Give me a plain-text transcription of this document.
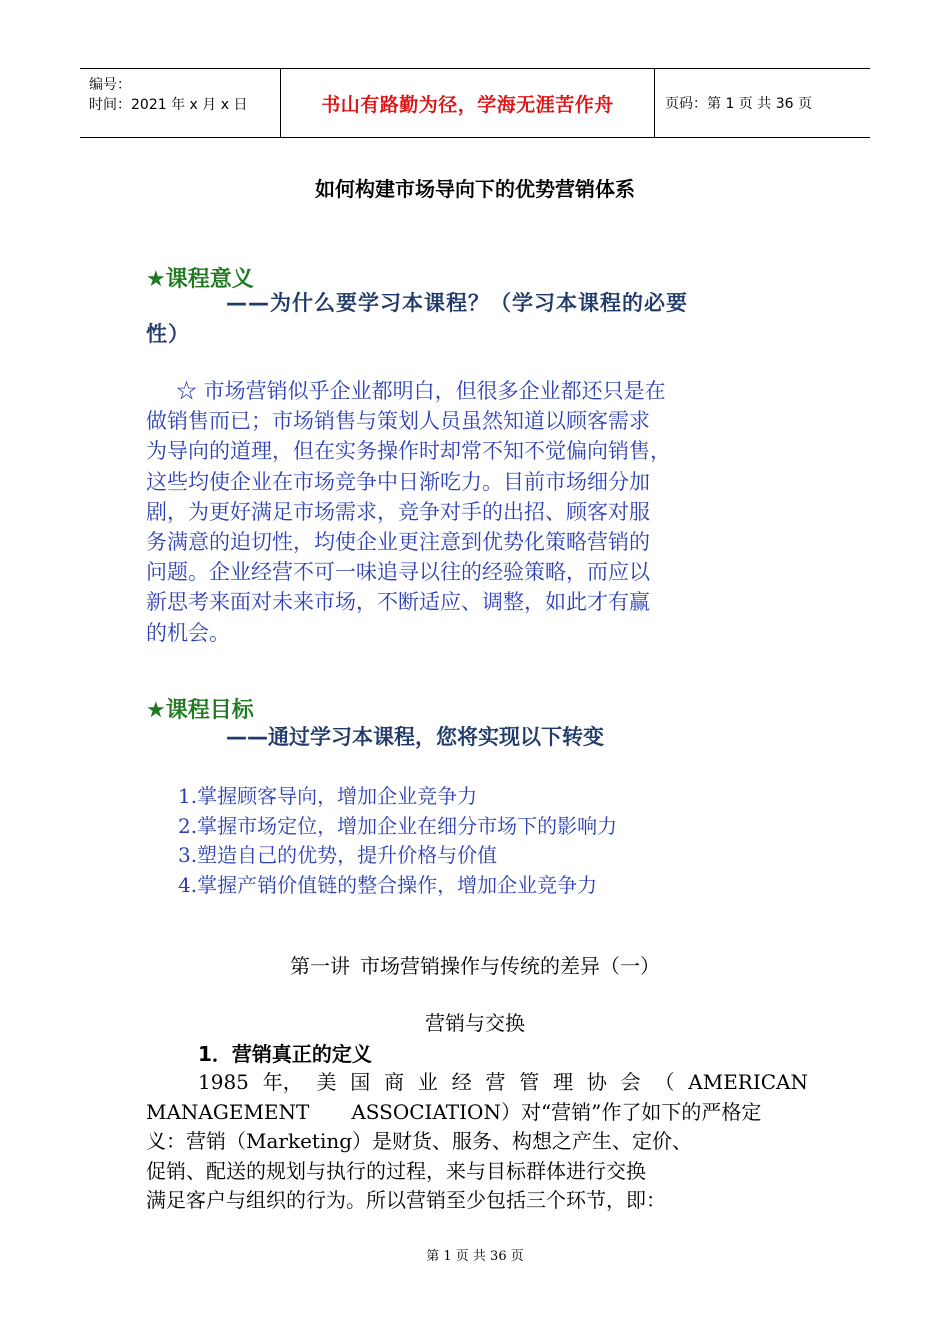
编号：
时间：2021 年 x 月 x 日	书山有路勤为径，学海无涯苦作舟	页码：第 1 页 共 36 页
如何构建市场导向下的优势营销体系
★课程意义
——为什么要学习本课程？（学习本课程的必要
性）
☆ 市场营销似乎企业都明白，但很多企业都还只是在
做销售而已；市场销售与策划人员虽然知道以顾客需求
为导向的道理，但在实务操作时却常不知不觉偏向销售，
这些均使企业在市场竞争中日渐吃力。目前市场细分加
剧，为更好满足市场需求，竞争对手的出招、顾客对服
务满意的迫切性，均使企业更注意到优势化策略营销的
问题。企业经营不可一味追寻以往的经验策略，而应以
新思考来面对未来市场，不断适应、调整，如此才有赢
的机会。
★课程目标
——通过学习本课程，您将实现以下转变
1.掌握顾客导向，增加企业竞争力
2.掌握市场定位，增加企业在细分市场下的影响力
3.塑造自己的优势，提升价格与价值
4.掌握产销价值链的整合操作，增加企业竞争力
第一讲 市场营销操作与传统的差异（一）
营销与交换
1．营销真正的定义
1985 年， 美 国 商 业 经 营 管 理 协 会 （ AMERICAN
MANAGEMENT ASSOCIATION）对“营销”作了如下的严格定
义：营销（Marketing）是财货、服务、构想之产生、定价、
促销、配送的规划与执行的过程，来与目标群体进行交换
满足客户与组织的行为。所以营销至少包括三个环节，即：
第 1 页 共 36 页
